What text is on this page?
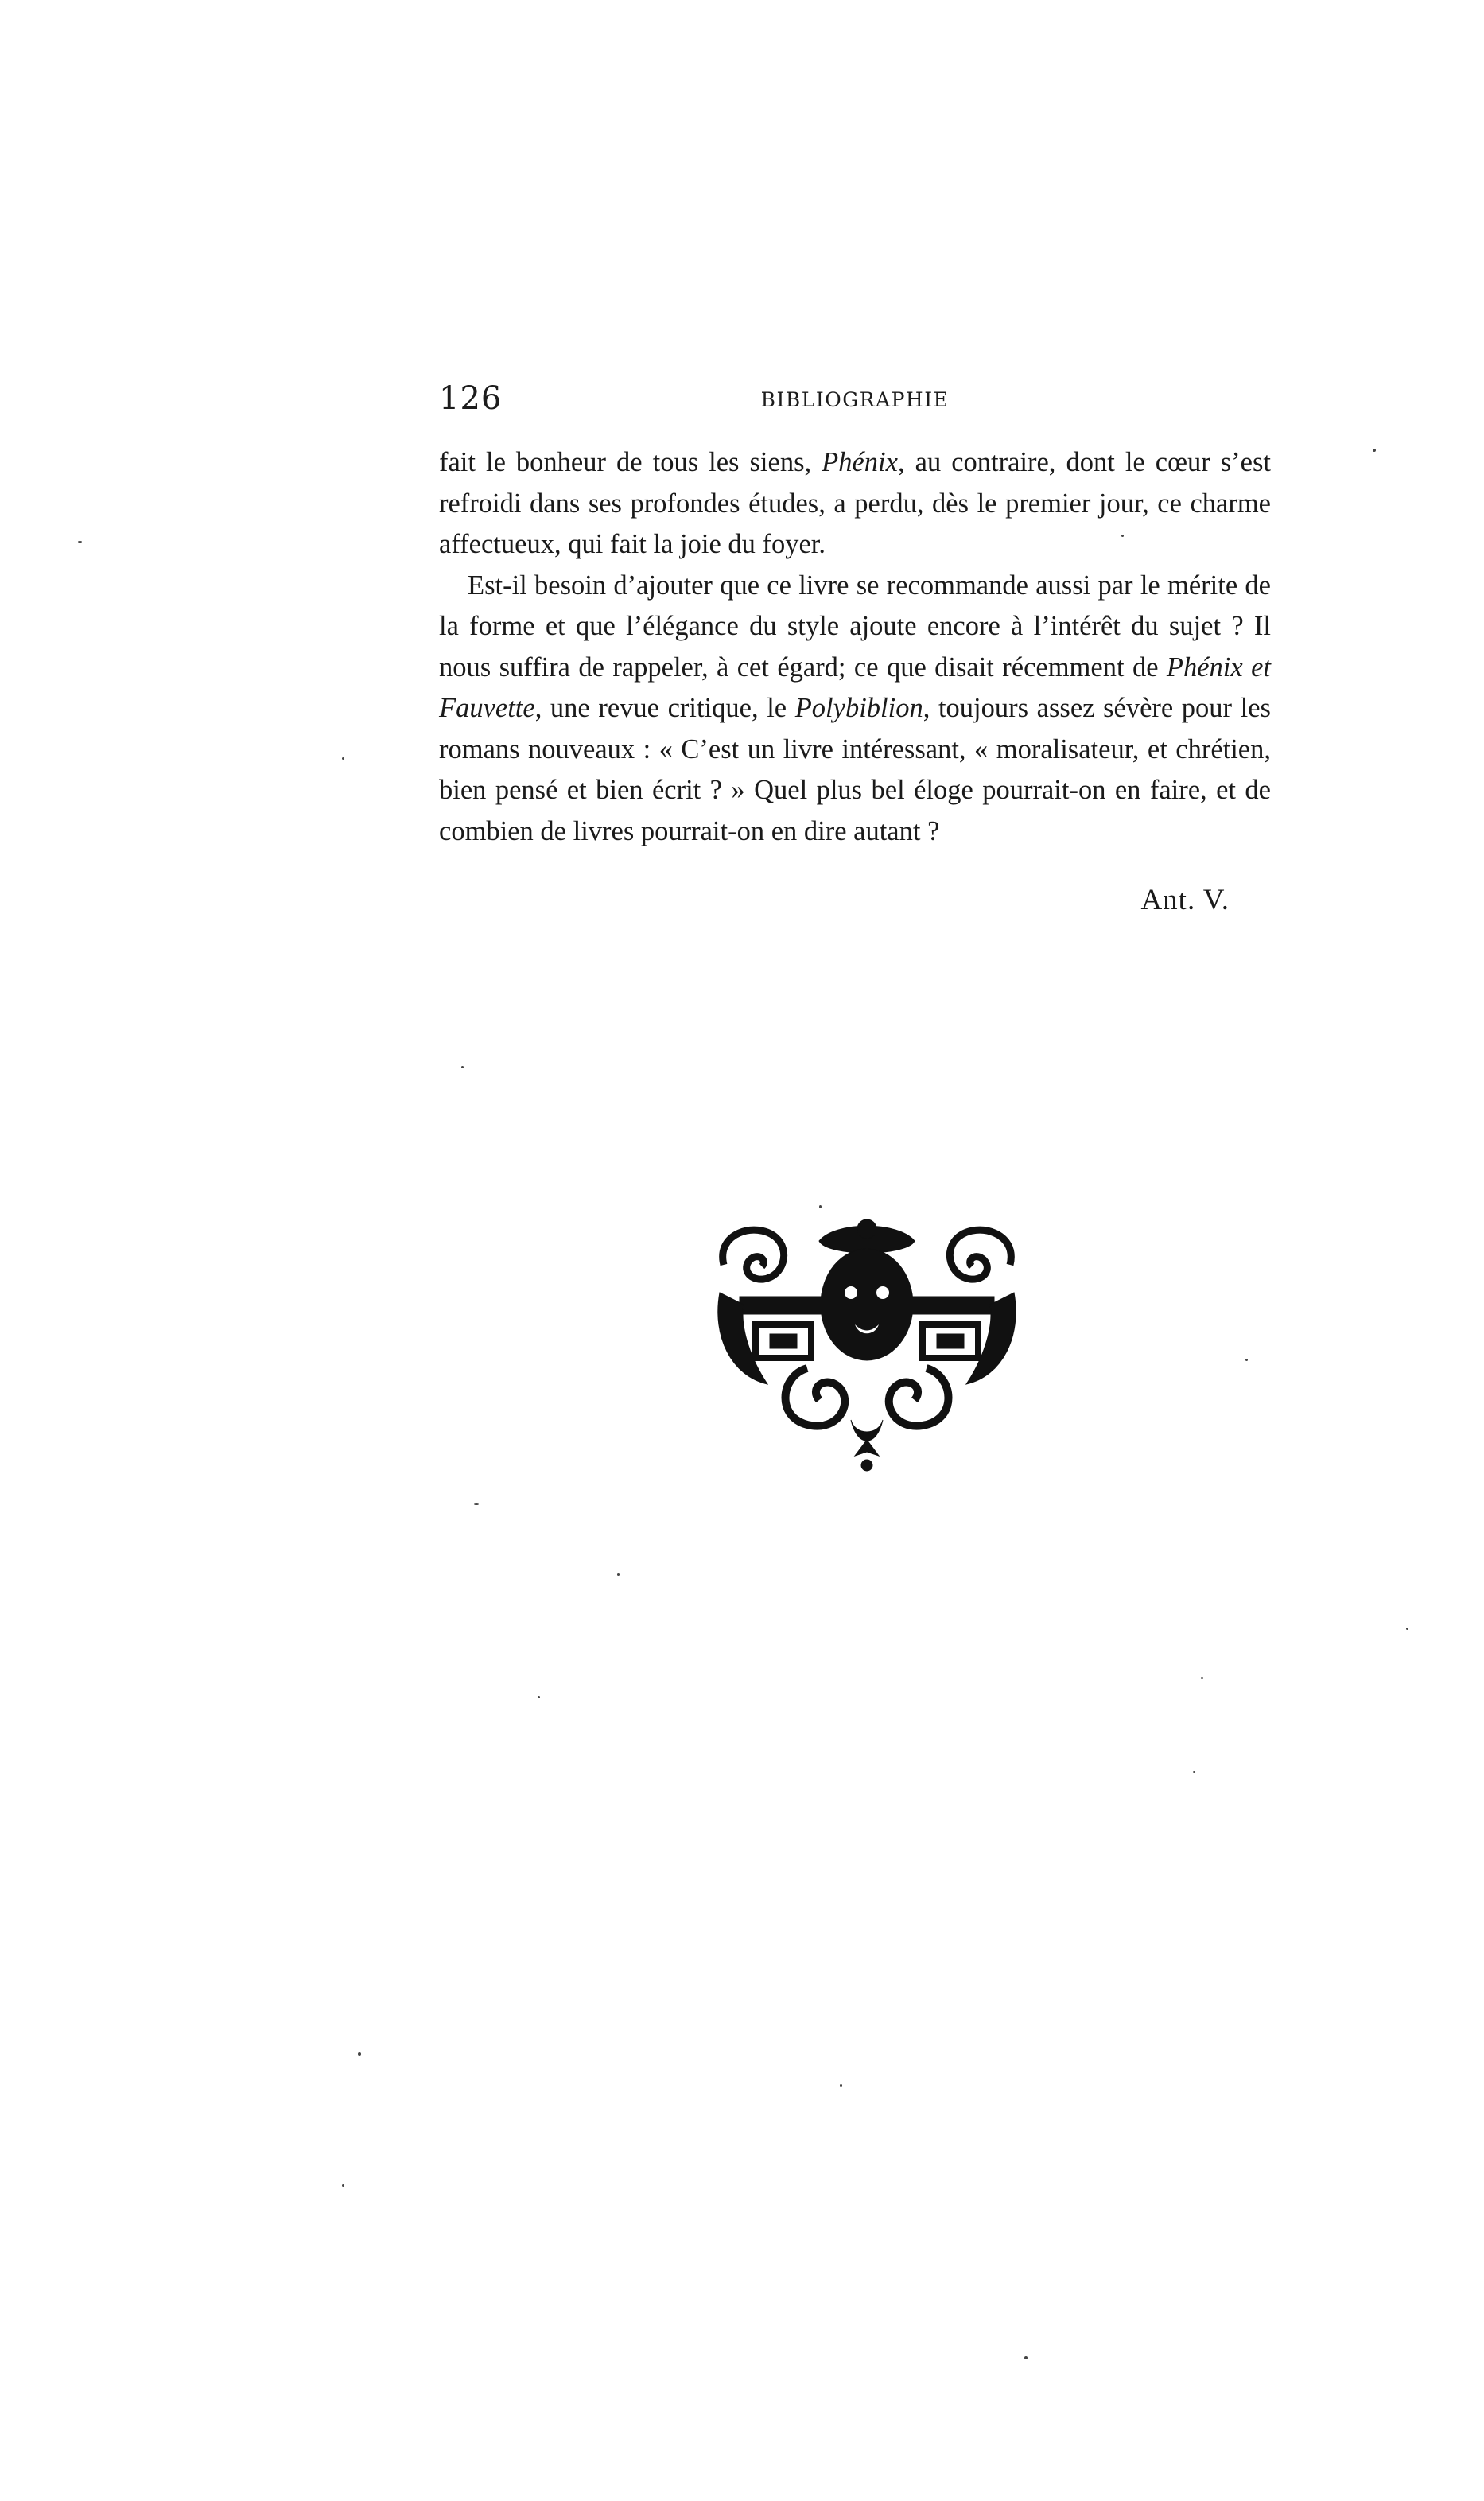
126	BIBLIOGRAPHIE

fait le bonheur de tous les siens, Phénix, au contraire, dont le cœur s’est refroidi dans ses profondes études, a perdu, dès le premier jour, ce charme affectueux, qui fait la joie du foyer.

Est-il besoin d’ajouter que ce livre se recommande aussi par le mérite de la forme et que l’élégance du style ajoute encore à l’intérêt du sujet ? Il nous suffira de rappeler, à cet égard; ce que disait récemment de Phénix et Fauvette, une revue critique, le Polybiblion, toujours assez sévère pour les romans nouveaux : « C’est un livre intéressant, « moralisateur, et chrétien, bien pensé et bien écrit ? » Quel plus bel éloge pourrait-on en faire, et de combien de livres pourrait-on en dire autant ?

Ant. V.
